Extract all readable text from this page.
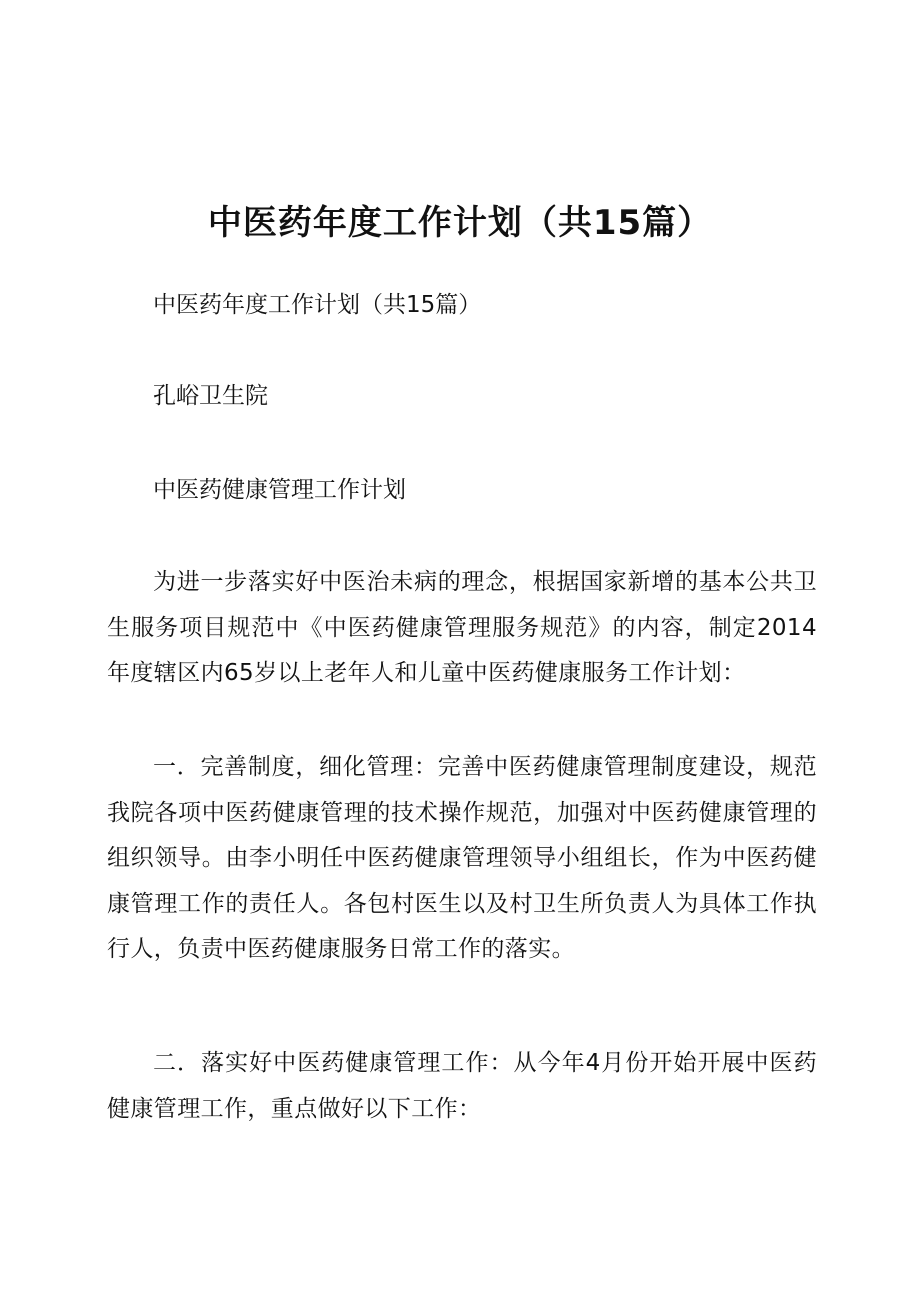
中医药年度工作计划（共15篇）

中医药年度工作计划（共15篇）

孔峪卫生院

中医药健康管理工作计划

为进一步落实好中医治未病的理念，根据国家新增的基本公共卫生服务项目规范中《中医药健康管理服务规范》的内容，制定2014年度辖区内65岁以上老年人和儿童中医药健康服务工作计划：

一．完善制度，细化管理：完善中医药健康管理制度建设，规范我院各项中医药健康管理的技术操作规范，加强对中医药健康管理的组织领导。由李小明任中医药健康管理领导小组组长，作为中医药健康管理工作的责任人。各包村医生以及村卫生所负责人为具体工作执行人，负责中医药健康服务日常工作的落实。

二．落实好中医药健康管理工作：从今年4月份开始开展中医药健康管理工作，重点做好以下工作：
